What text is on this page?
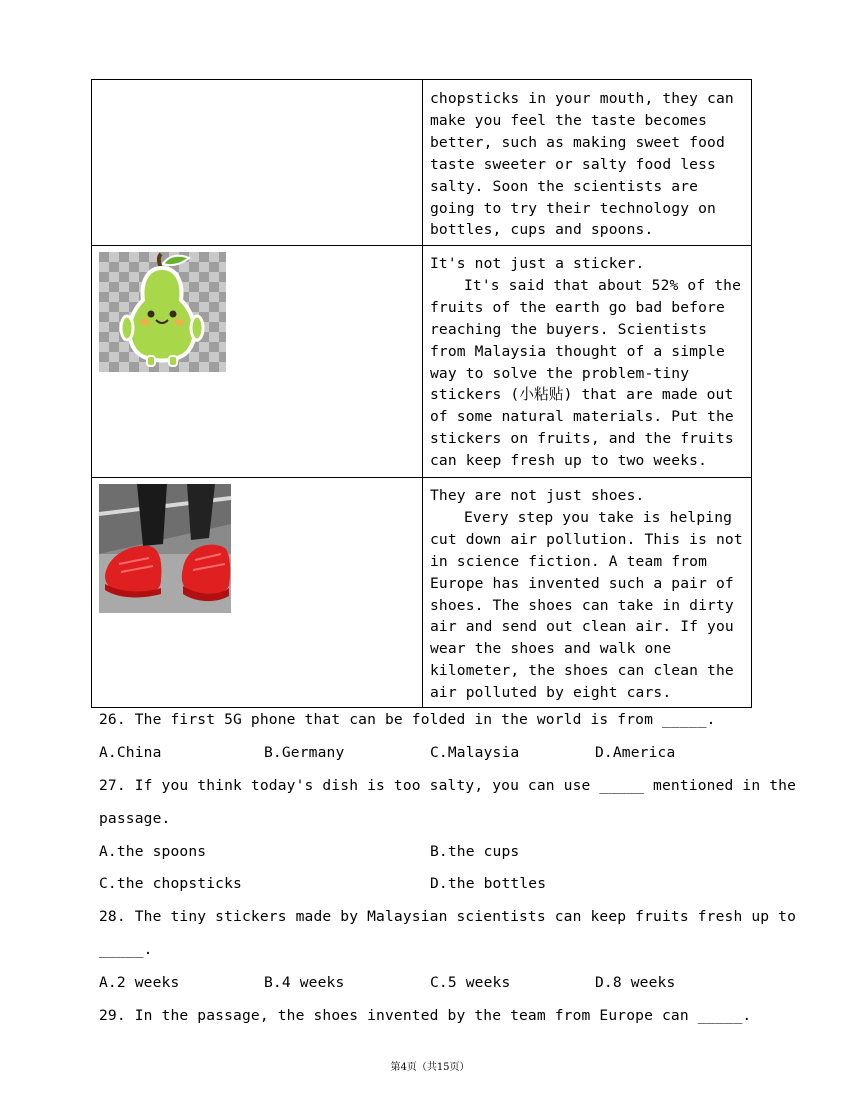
chopsticks in your mouth, they can make you feel the taste becomes better, such as making sweet food taste sweeter or salty food less salty. Soon the scientists are going to try their technology on bottles, cups and spoons.

It's not just a sticker.

It's said that about 52% of the fruits of the earth go bad before reaching the buyers. Scientists from Malaysia thought of a simple way to solve the problem-tiny stickers (小粘贴) that are made out of some natural materials. Put the stickers on fruits, and the fruits can keep fresh up to two weeks.

They are not just shoes.

Every step you take is helping cut down air pollution. This is not in science fiction. A team from Europe has invented such a pair of shoes. The shoes can take in dirty air and send out clean air. If you wear the shoes and walk one kilometer, the shoes can clean the air polluted by eight cars.

26. The first 5G phone that can be folded in the world is from _____.
A.China	B.Germany	C.Malaysia	D.America
27. If you think today's dish is too salty, you can use _____ mentioned in the
passage.
A.the spoons	B.the cups
C.the chopsticks	D.the bottles
28. The tiny stickers made by Malaysian scientists can keep fruits fresh up to
_____.
A.2 weeks	B.4 weeks	C.5 weeks	D.8 weeks
29. In the passage, the shoes invented by the team from Europe can _____.
第4页（共15页）
